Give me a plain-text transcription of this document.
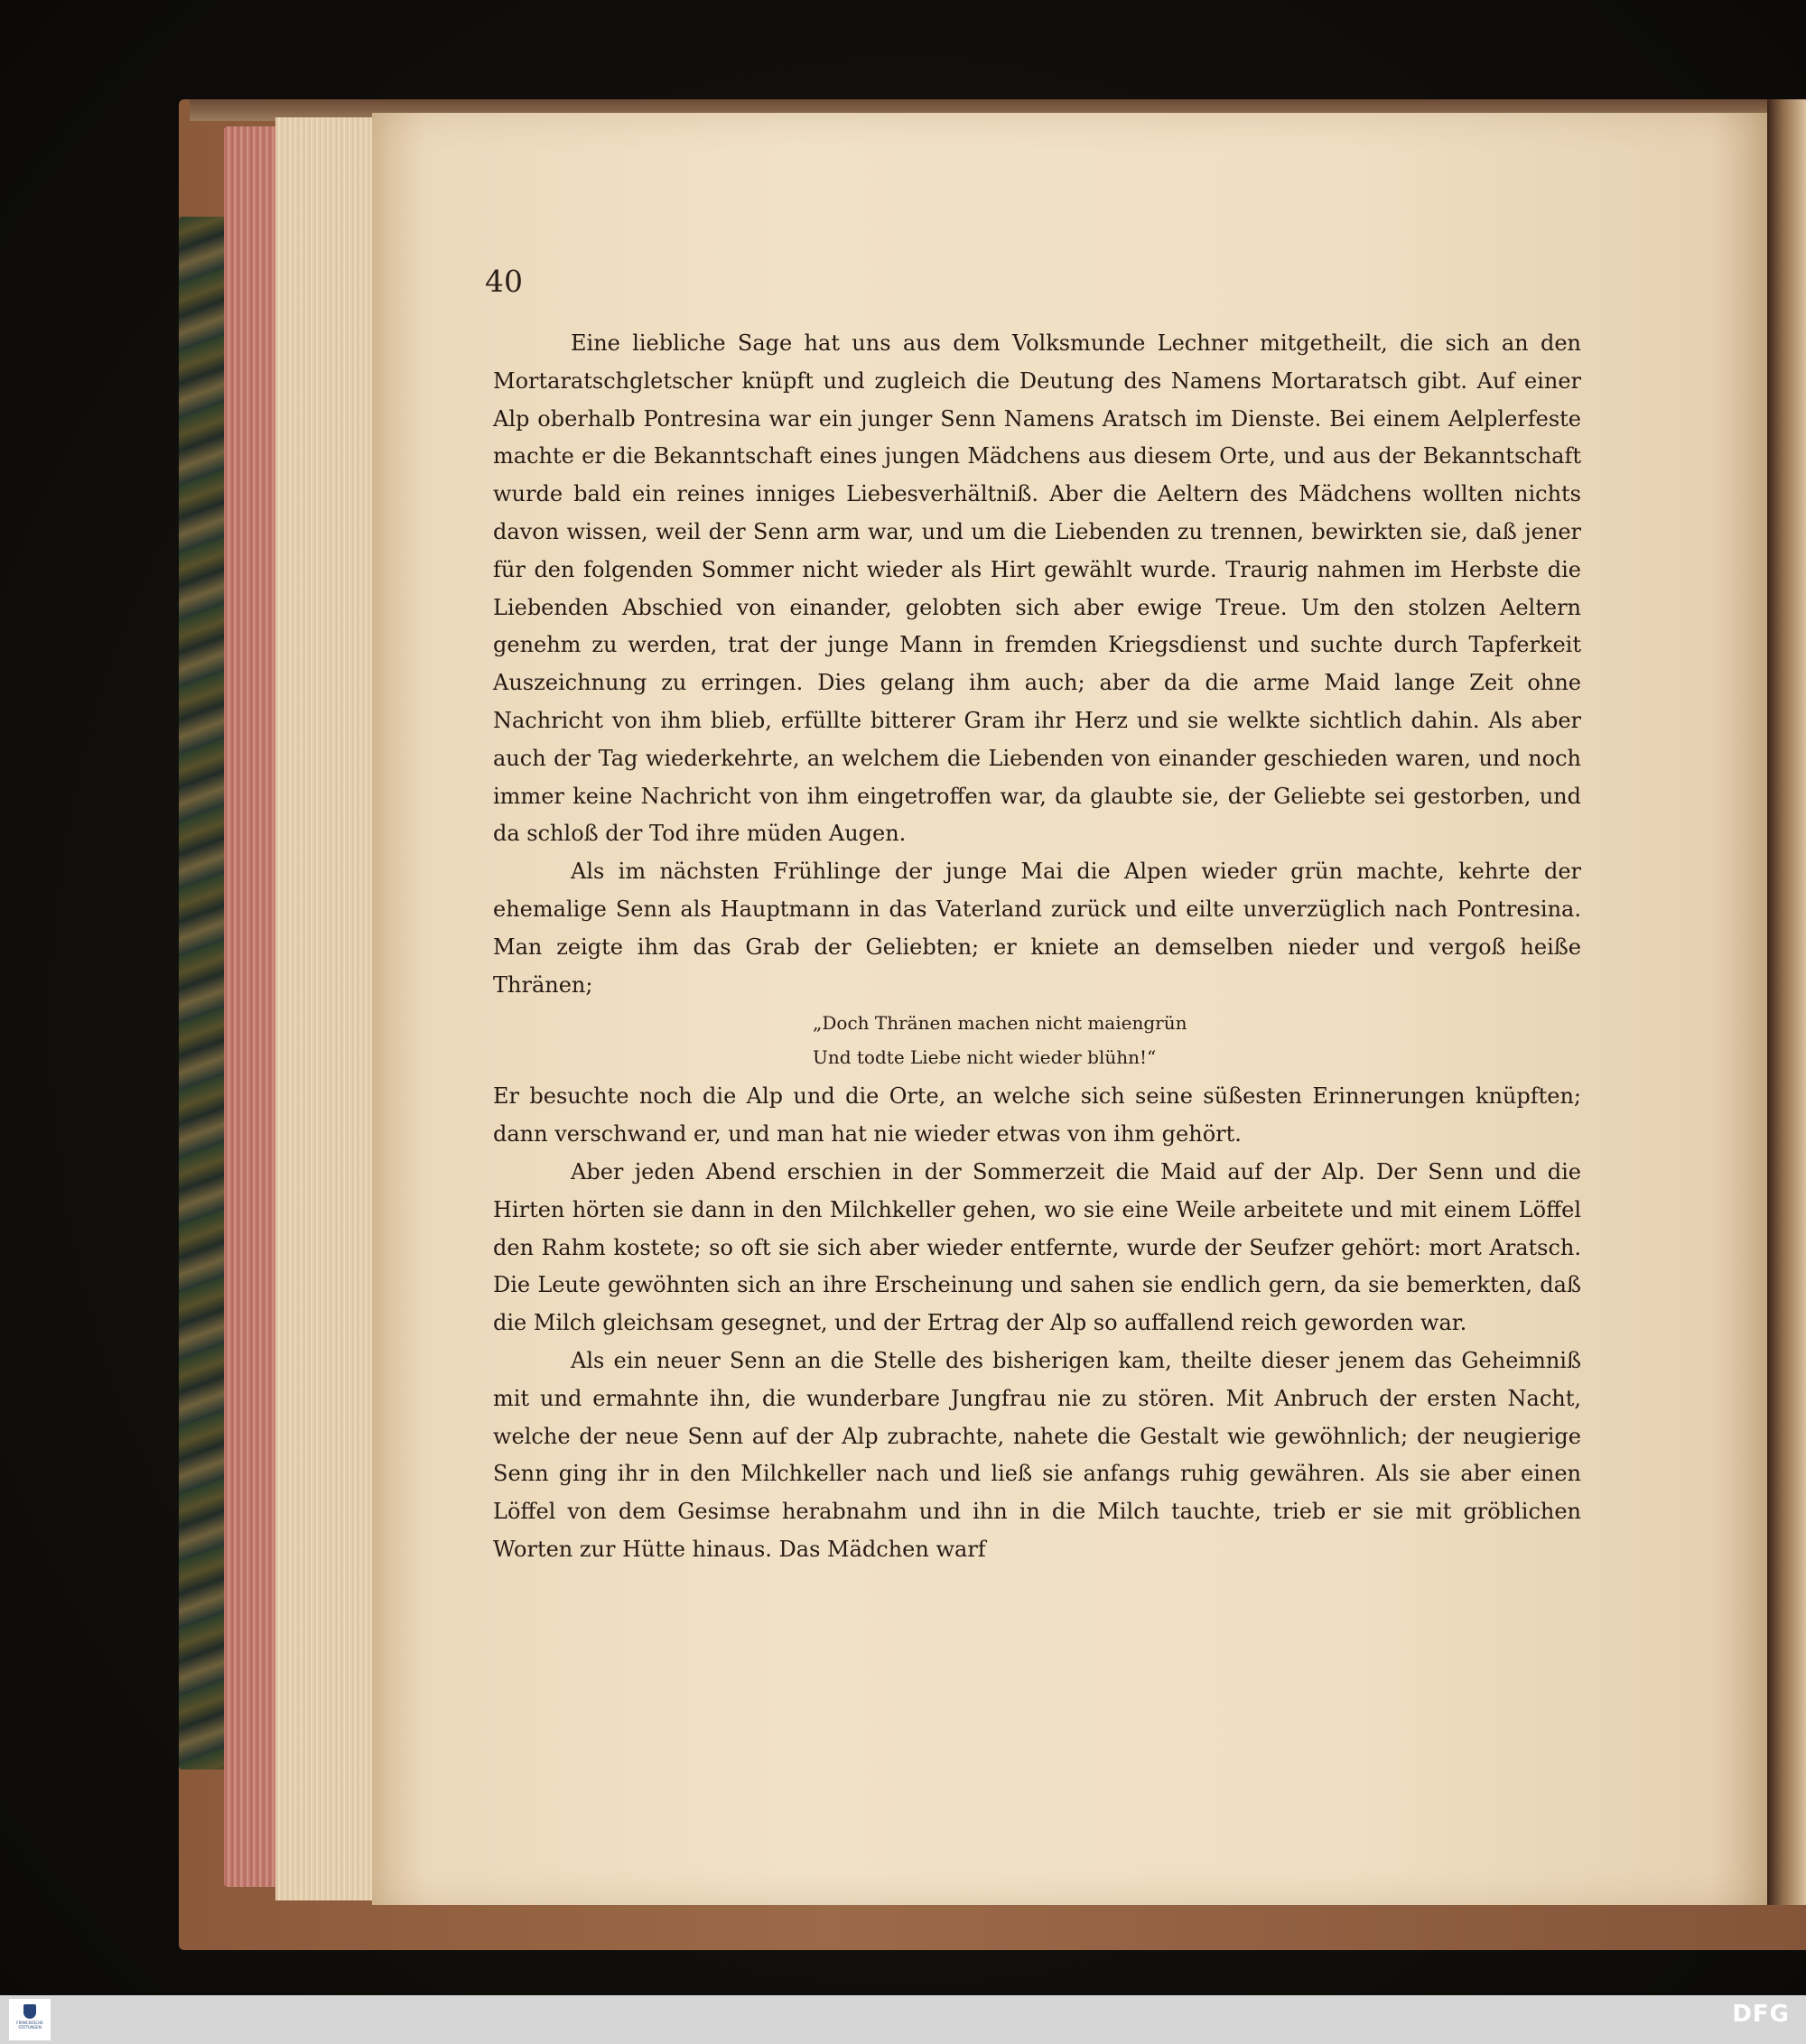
40

Eine liebliche Sage hat uns aus dem Volksmunde Lechner mitgetheilt, die sich an den Mortaratschgletscher knüpft und zugleich die Deutung des Namens Mortaratsch gibt. Auf einer Alp oberhalb Pontresina war ein junger Senn Namens Aratsch im Dienste. Bei einem Aelplerfeste machte er die Bekanntschaft eines jungen Mädchens aus diesem Orte, und aus der Bekanntschaft wurde bald ein reines inniges Liebesverhältniß. Aber die Aeltern des Mädchens wollten nichts davon wissen, weil der Senn arm war, und um die Liebenden zu trennen, bewirkten sie, daß jener für den folgenden Sommer nicht wieder als Hirt gewählt wurde. Traurig nahmen im Herbste die Liebenden Abschied von einander, gelobten sich aber ewige Treue. Um den stolzen Aeltern genehm zu werden, trat der junge Mann in fremden Kriegsdienst und suchte durch Tapferkeit Auszeichnung zu erringen. Dies gelang ihm auch; aber da die arme Maid lange Zeit ohne Nachricht von ihm blieb, erfüllte bitterer Gram ihr Herz und sie welkte sichtlich dahin. Als aber auch der Tag wiederkehrte, an welchem die Liebenden von einander geschieden waren, und noch immer keine Nachricht von ihm eingetroffen war, da glaubte sie, der Geliebte sei gestorben, und da schloß der Tod ihre müden Augen.

Als im nächsten Frühlinge der junge Mai die Alpen wieder grün machte, kehrte der ehemalige Senn als Hauptmann in das Vaterland zurück und eilte unverzüglich nach Pontresina. Man zeigte ihm das Grab der Geliebten; er kniete an demselben nieder und vergoß heiße Thränen;

„Doch Thränen machen nicht maiengrün
Und todte Liebe nicht wieder blühn!“

Er besuchte noch die Alp und die Orte, an welche sich seine süßesten Erinnerungen knüpften; dann verschwand er, und man hat nie wieder etwas von ihm gehört.

Aber jeden Abend erschien in der Sommerzeit die Maid auf der Alp. Der Senn und die Hirten hörten sie dann in den Milchkeller gehen, wo sie eine Weile arbeitete und mit einem Löffel den Rahm kostete; so oft sie sich aber wieder entfernte, wurde der Seufzer gehört: mort Aratsch. Die Leute gewöhnten sich an ihre Erscheinung und sahen sie endlich gern, da sie bemerkten, daß die Milch gleichsam gesegnet, und der Ertrag der Alp so auffallend reich geworden war.

Als ein neuer Senn an die Stelle des bisherigen kam, theilte dieser jenem das Geheimniß mit und ermahnte ihn, die wunderbare Jungfrau nie zu stören. Mit Anbruch der ersten Nacht, welche der neue Senn auf der Alp zubrachte, nahete die Gestalt wie gewöhnlich; der neugierige Senn ging ihr in den Milchkeller nach und ließ sie anfangs ruhig gewähren. Als sie aber einen Löffel von dem Gesimse herabnahm und ihn in die Milch tauchte, trieb er sie mit gröblichen Worten zur Hütte hinaus. Das Mädchen warf

FRANCKESCHE STIFTUNGEN	DFG
